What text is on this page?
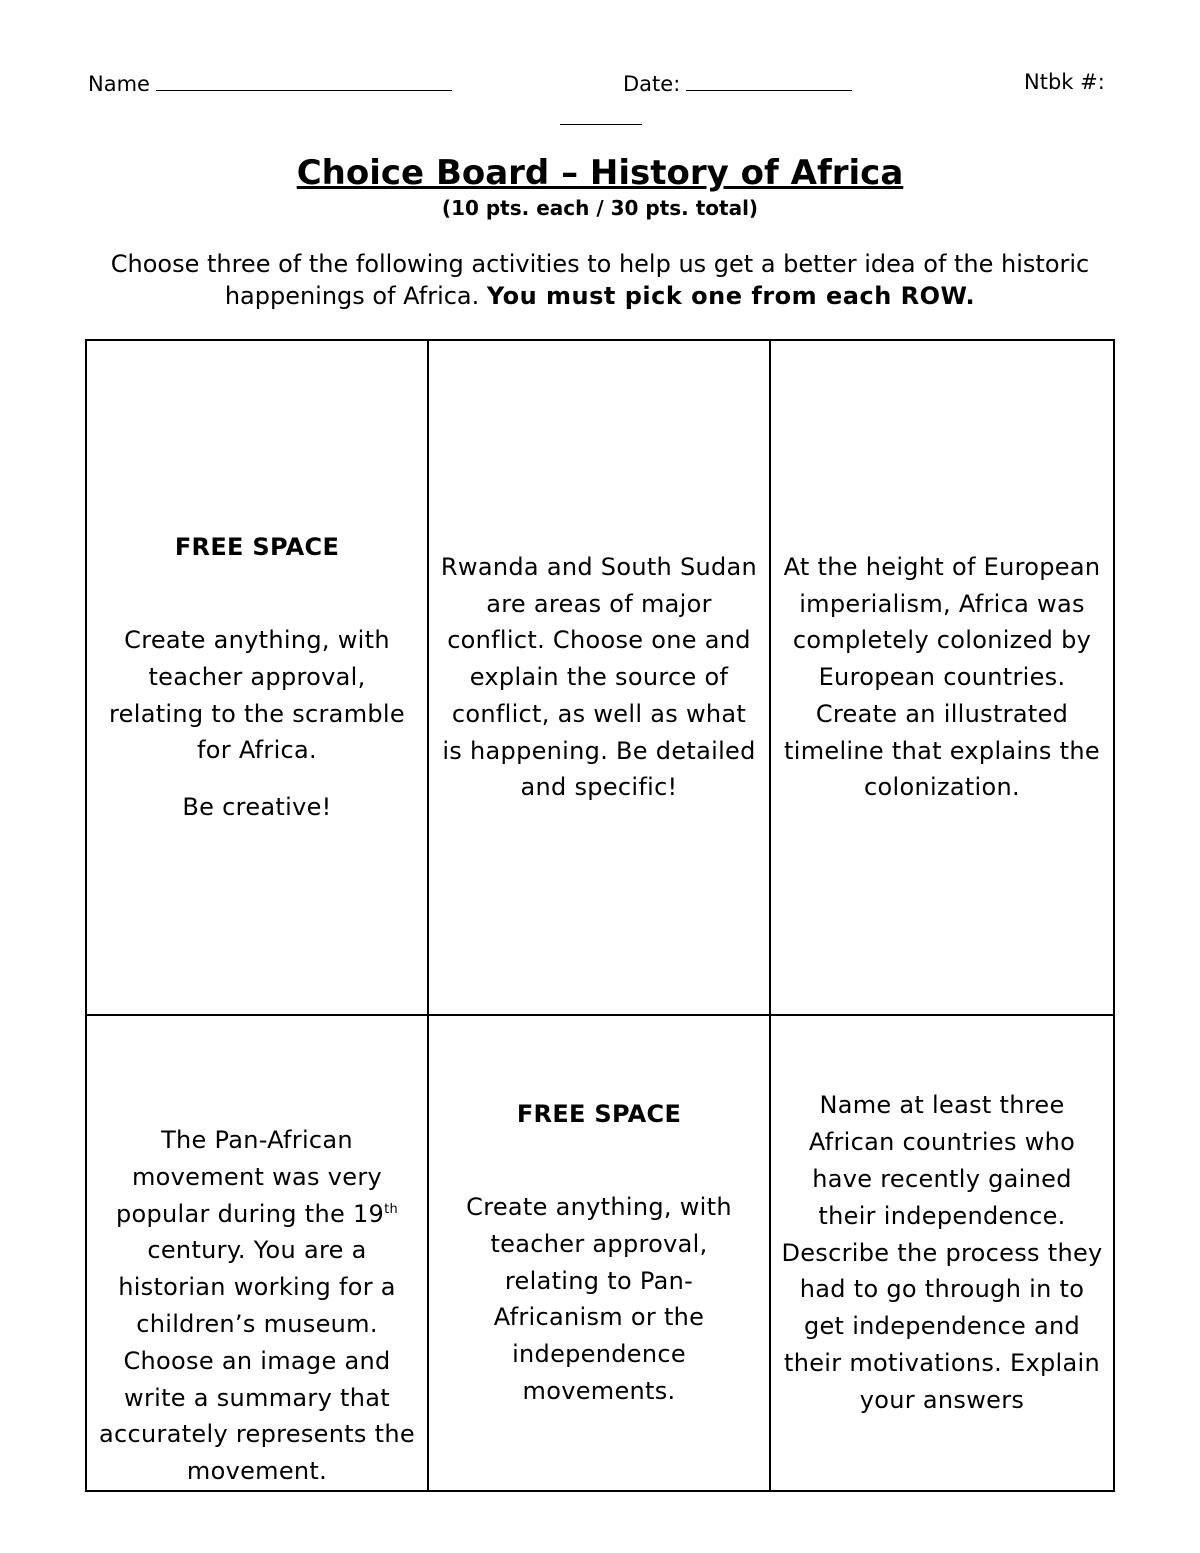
Name	Date:	Ntbk #:
Choice Board – History of Africa
(10 pts. each / 30 pts. total)
Choose three of the following activities to help us get a better idea of the historic happenings of Africa. You must pick one from each ROW.

FREE SPACE

Create anything, with teacher approval, relating to the scramble for Africa.

Be creative!

Rwanda and South Sudan are areas of major conflict. Choose one and explain the source of conflict, as well as what is happening. Be detailed and specific!

At the height of European imperialism, Africa was completely colonized by European countries. Create an illustrated timeline that explains the colonization.

The Pan-African movement was very popular during the 19th century. You are a historian working for a children’s museum. Choose an image and write a summary that accurately represents the movement.

FREE SPACE

Create anything, with teacher approval, relating to Pan-Africanism or the independence movements.

Name at least three African countries who have recently gained their independence. Describe the process they had to go through in to get independence and their motivations. Explain your answers
